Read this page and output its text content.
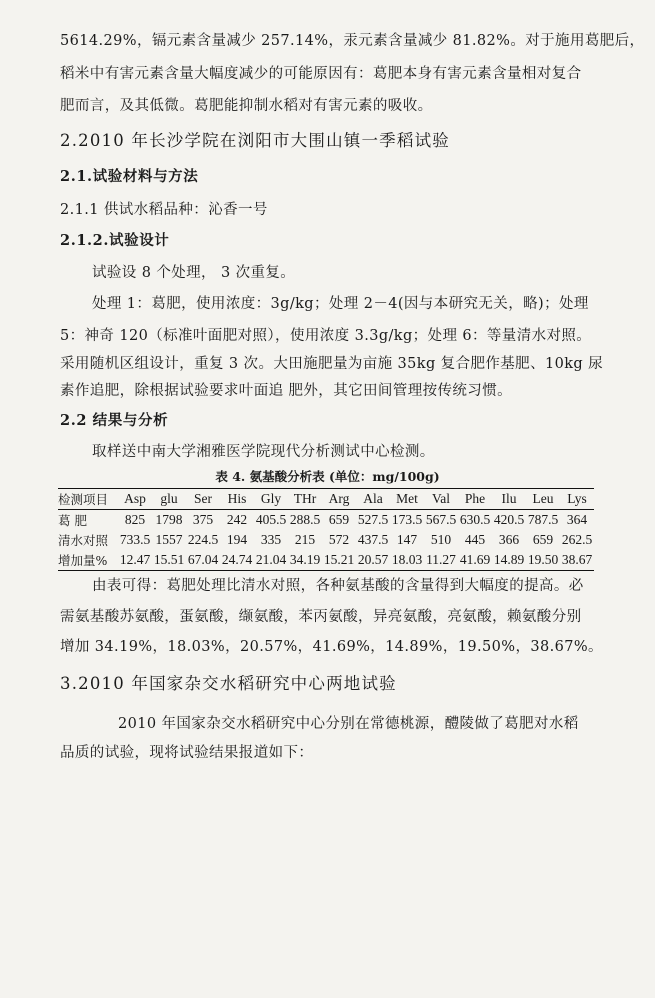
5614.29%，镉元素含量减少 257.14%，汞元素含量减少 81.82%。对于施用葛肥后，
稻米中有害元素含量大幅度减少的可能原因有：葛肥本身有害元素含量相对复合
肥而言，及其低微。葛肥能抑制水稻对有害元素的吸收。
2.2010 年长沙学院在浏阳市大围山镇一季稻试验
2.1.试验材料与方法
2.1.1 供试水稻品种：沁香一号
2.1.2.试验设计
试验设 8 个处理， 3 次重复。
处理 1：葛肥，使用浓度：3g/kg；处理 2－4(因与本研究无关，略)；处理
5：神奇 120（标准叶面肥对照），使用浓度 3.3g/kg；处理 6：等量清水对照。
采用随机区组设计，重复 3 次。大田施肥量为亩施 35kg 复合肥作基肥、10kg 尿
素作追肥，除根据试验要求叶面追 肥外，其它田间管理按传统习惯。
2.2 结果与分析
取样送中南大学湘雅医学院现代分析测试中心检测。
表 4. 氨基酸分析表 (单位：mg/100g)
检测项目	Asp	glu	Ser	His	Gly	THr	Arg	Ala	Met	Val	Phe	Ilu	Leu	Lys
葛 肥	825	1798	375	242	405.5	288.5	659	527.5	173.5	567.5	630.5	420.5	787.5	364
清水对照	733.5	1557	224.5	194	335	215	572	437.5	147	510	445	366	659	262.5
增加量%	12.47	15.51	67.04	24.74	21.04	34.19	15.21	20.57	18.03	11.27	41.69	14.89	19.50	38.67
由表可得：葛肥处理比清水对照，各种氨基酸的含量得到大幅度的提高。必
需氨基酸苏氨酸，蛋氨酸，缬氨酸，苯丙氨酸，异亮氨酸，亮氨酸，赖氨酸分别
增加 34.19%，18.03%，20.57%，41.69%，14.89%，19.50%，38.67%。
3.2010 年国家杂交水稻研究中心两地试验
2010 年国家杂交水稻研究中心分别在常德桃源，醴陵做了葛肥对水稻
品质的试验，现将试验结果报道如下：
